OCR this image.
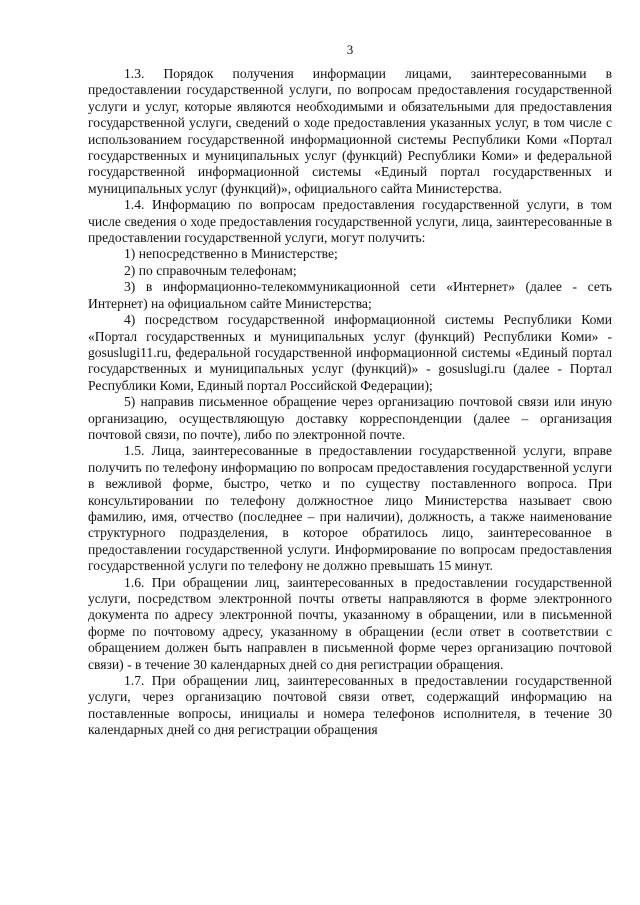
3

1.3. Порядок получения информации лицами, заинтересованными в предоставлении государственной услуги, по вопросам предоставления государственной услуги и услуг, которые являются необходимыми и обязательными для предоставления государственной услуги, сведений о ходе предоставления указанных услуг, в том числе с использованием государственной информационной системы Республики Коми «Портал государственных и муниципальных услуг (функций) Республики Коми» и федеральной государственной информационной системы «Единый портал государственных и муниципальных услуг (функций)», официального сайта Министерства.

1.4. Информацию по вопросам предоставления государственной услуги, в том числе сведения о ходе предоставления государственной услуги, лица, заинтересованные в предоставлении государственной услуги, могут получить:

1) непосредственно в Министерстве;

2) по справочным телефонам;

3) в информационно-телекоммуникационной сети «Интернет» (далее - сеть Интернет) на официальном сайте Министерства;

4) посредством государственной информационной системы Республики Коми «Портал государственных и муниципальных услуг (функций) Республики Коми» - gosuslugi11.ru, федеральной государственной информационной системы «Единый портал государственных и муниципальных услуг (функций)» - gosuslugi.ru (далее - Портал Республики Коми, Единый портал Российской Федерации);

5) направив письменное обращение через организацию почтовой связи или иную организацию, осуществляющую доставку корреспонденции (далее – организация почтовой связи, по почте), либо по электронной почте.

1.5. Лица, заинтересованные в предоставлении государственной услуги, вправе получить по телефону информацию по вопросам предоставления государственной услуги в вежливой форме, быстро, четко и по существу поставленного вопроса. При консультировании по телефону должностное лицо Министерства называет свою фамилию, имя, отчество (последнее – при наличии), должность, а также наименование структурного подразделения, в которое обратилось лицо, заинтересованное в предоставлении государственной услуги. Информирование по вопросам предоставления государственной услуги по телефону не должно превышать 15 минут.

1.6. При обращении лиц, заинтересованных в предоставлении государственной услуги, посредством электронной почты ответы направляются в форме электронного документа по адресу электронной почты, указанному в обращении, или в письменной форме по почтовому адресу, указанному в обращении (если ответ в соответствии с обращением должен быть направлен в письменной форме через организацию почтовой связи) - в течение 30 календарных дней со дня регистрации обращения.

1.7. При обращении лиц, заинтересованных в предоставлении государственной услуги, через организацию почтовой связи ответ, содержащий информацию на поставленные вопросы, инициалы и номера телефонов исполнителя, в течение 30 календарных дней со дня регистрации обращения
